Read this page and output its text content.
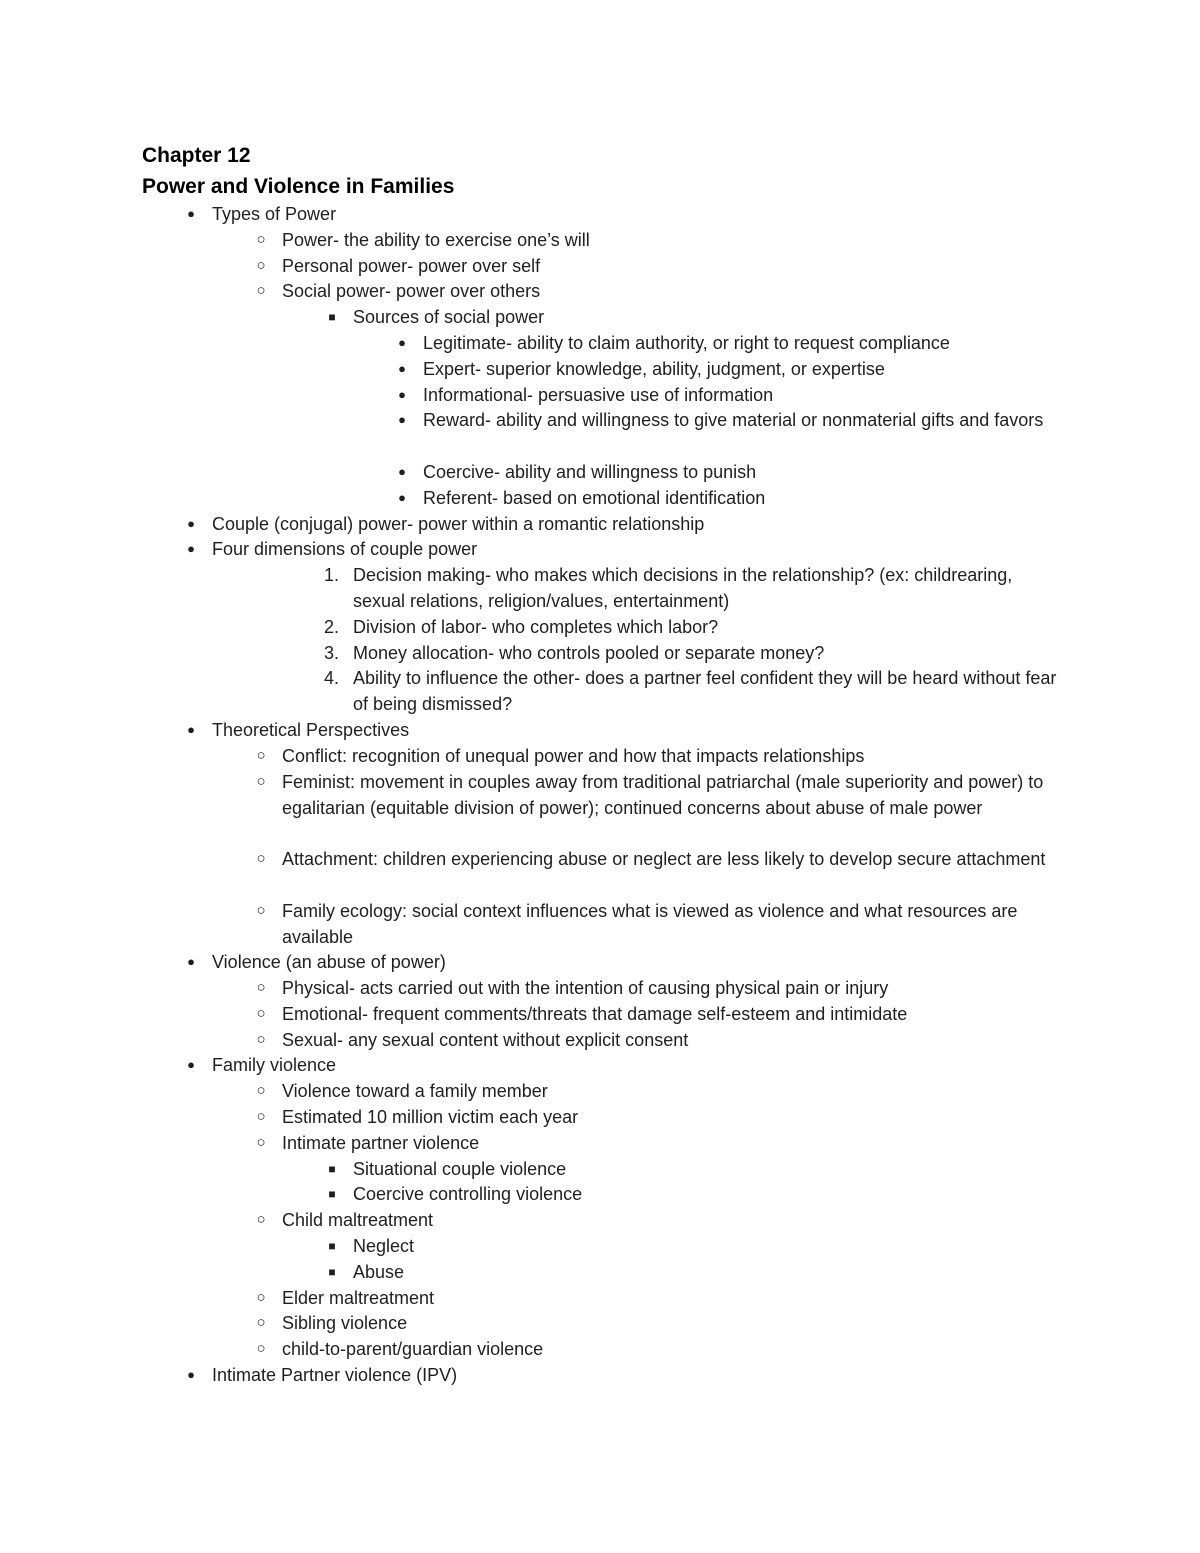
Chapter 12
Power and Violence in Families
● Types of Power
○ Power- the ability to exercise one’s will
○ Personal power- power over self
○ Social power- power over others
■ Sources of social power
● Legitimate- ability to claim authority, or right to request compliance
● Expert- superior knowledge, ability, judgment, or expertise
● Informational- persuasive use of information
● Reward- ability and willingness to give material or nonmaterial gifts and favors
● Coercive- ability and willingness to punish
● Referent- based on emotional identification
● Couple (conjugal) power- power within a romantic relationship
● Four dimensions of couple power
1. Decision making- who makes which decisions in the relationship? (ex: childrearing, sexual relations, religion/values, entertainment)
2. Division of labor- who completes which labor?
3. Money allocation- who controls pooled or separate money?
4. Ability to influence the other- does a partner feel confident they will be heard without fear of being dismissed?
● Theoretical Perspectives
○ Conflict: recognition of unequal power and how that impacts relationships
○ Feminist: movement in couples away from traditional patriarchal (male superiority and power) to egalitarian (equitable division of power); continued concerns about abuse of male power
○ Attachment: children experiencing abuse or neglect are less likely to develop secure attachment
○ Family ecology: social context influences what is viewed as violence and what resources are available
● Violence (an abuse of power)
○ Physical- acts carried out with the intention of causing physical pain or injury
○ Emotional- frequent comments/threats that damage self-esteem and intimidate
○ Sexual- any sexual content without explicit consent
● Family violence
○ Violence toward a family member
○ Estimated 10 million victim each year
○ Intimate partner violence
■ Situational couple violence
■ Coercive controlling violence
○ Child maltreatment
■ Neglect
■ Abuse
○ Elder maltreatment
○ Sibling violence
○ child-to-parent/guardian violence
● Intimate Partner violence (IPV)
